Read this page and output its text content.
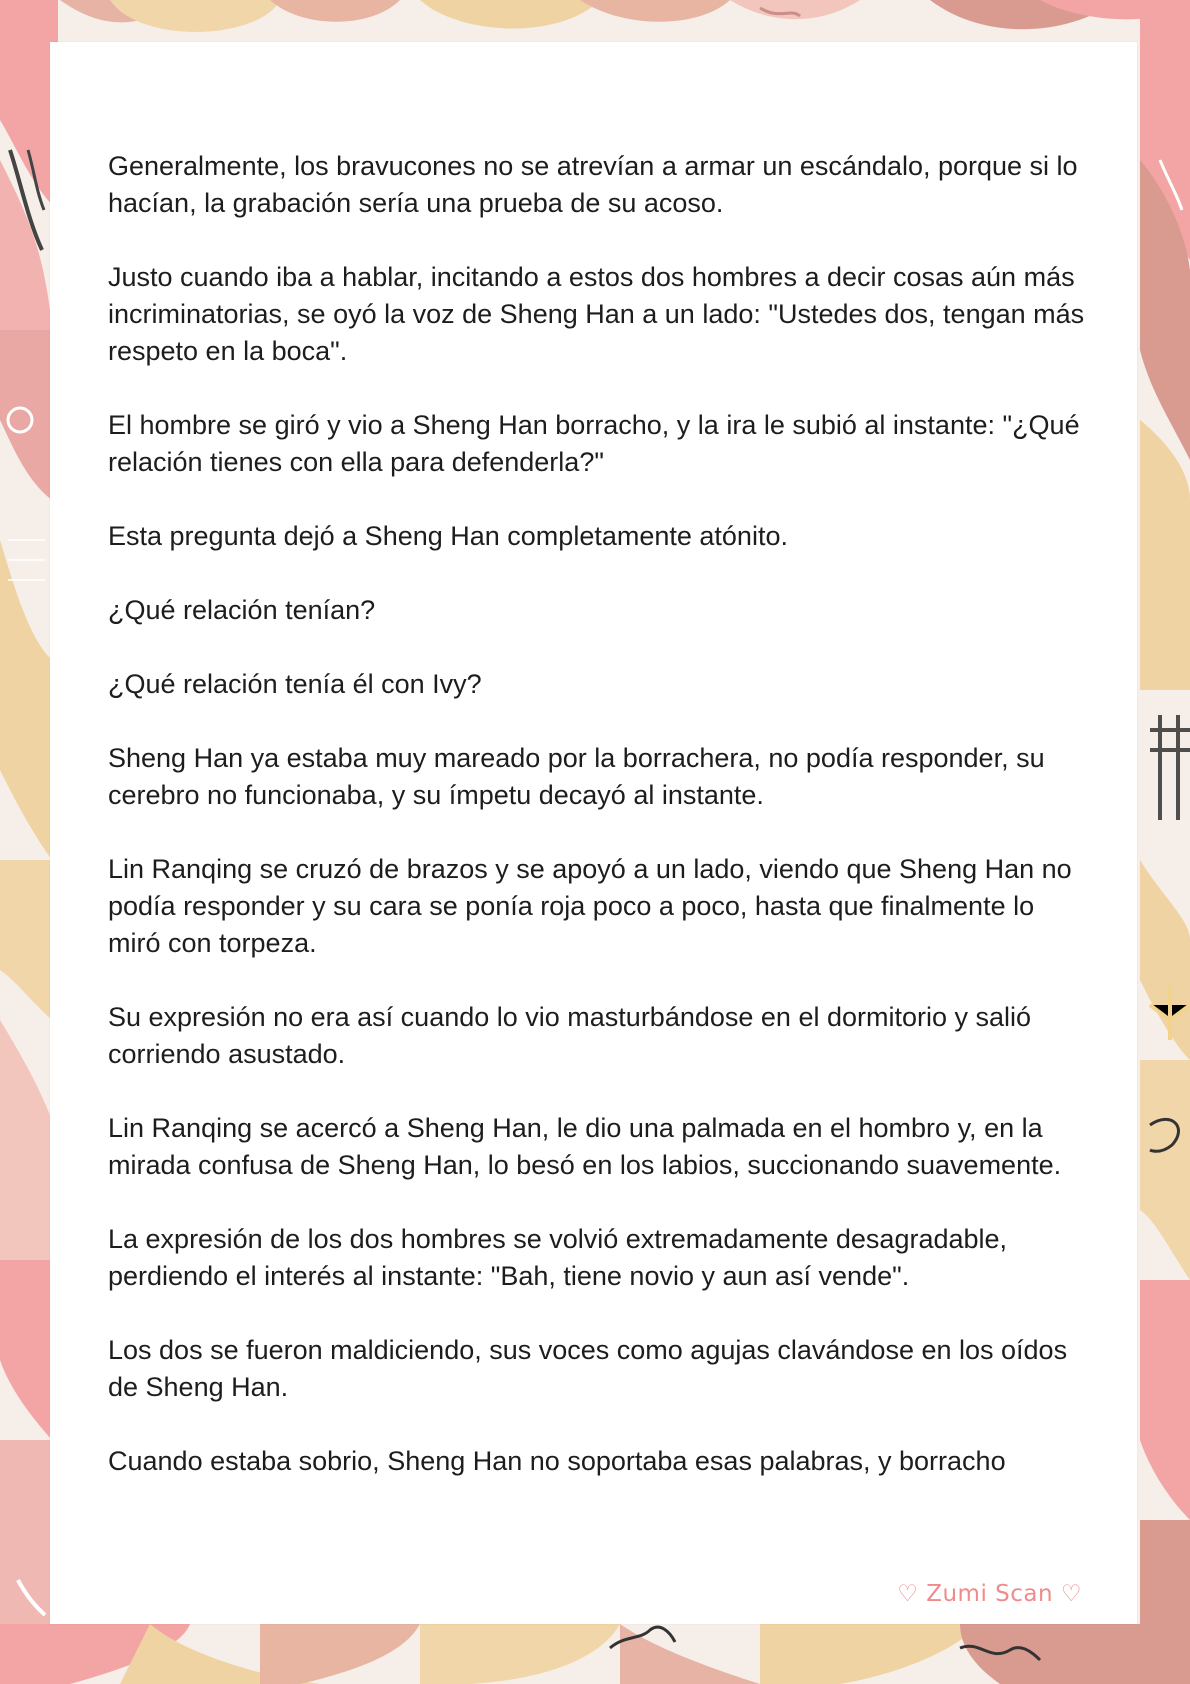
Generalmente, los bravucones no se atrevían a armar un escándalo, porque si lo hacían, la grabación sería una prueba de su acoso.

Justo cuando iba a hablar, incitando a estos dos hombres a decir cosas aún más incriminatorias, se oyó la voz de Sheng Han a un lado: "Ustedes dos, tengan más respeto en la boca".

El hombre se giró y vio a Sheng Han borracho, y la ira le subió al instante: "¿Qué relación tienes con ella para defenderla?"

Esta pregunta dejó a Sheng Han completamente atónito.

¿Qué relación tenían?

¿Qué relación tenía él con Ivy?

Sheng Han ya estaba muy mareado por la borrachera, no podía responder, su cerebro no funcionaba, y su ímpetu decayó al instante.

Lin Ranqing se cruzó de brazos y se apoyó a un lado, viendo que Sheng Han no podía responder y su cara se ponía roja poco a poco, hasta que finalmente lo miró con torpeza.

Su expresión no era así cuando lo vio masturbándose en el dormitorio y salió corriendo asustado.

Lin Ranqing se acercó a Sheng Han, le dio una palmada en el hombro y, en la mirada confusa de Sheng Han, lo besó en los labios, succionando suavemente.

La expresión de los dos hombres se volvió extremadamente desagradable, perdiendo el interés al instante: "Bah, tiene novio y aun así vende".

Los dos se fueron maldiciendo, sus voces como agujas clavándose en los oídos de Sheng Han.

Cuando estaba sobrio, Sheng Han no soportaba esas palabras, y borracho

♡ Zumi Scan ♡
